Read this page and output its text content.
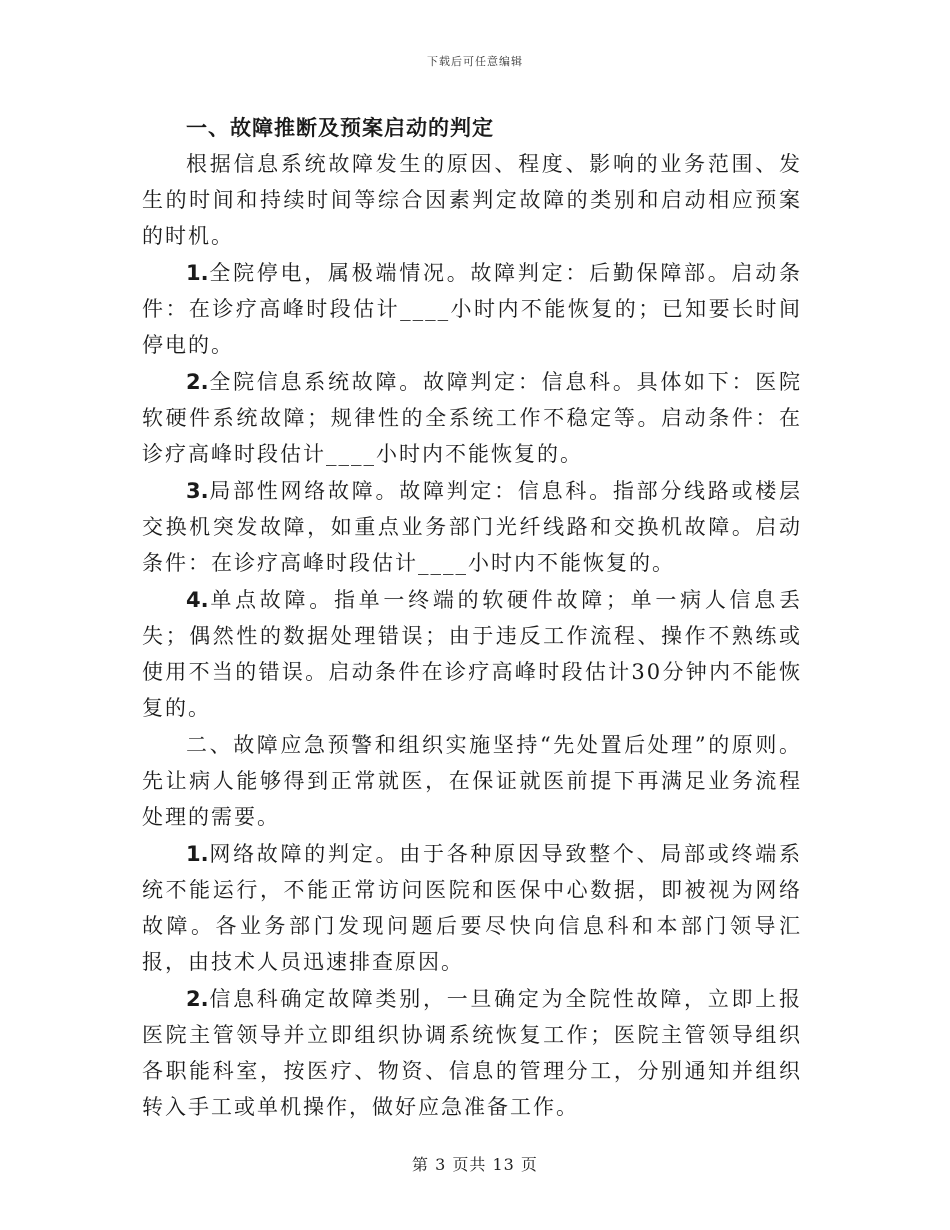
下载后可任意编辑
一、故障推断及预案启动的判定

根据信息系统故障发生的原因、程度、影响的业务范围、发生的时间和持续时间等综合因素判定故障的类别和启动相应预案的时机。

1.全院停电，属极端情况。故障判定：后勤保障部。启动条件：在诊疗高峰时段估计____小时内不能恢复的；已知要长时间停电的。

2.全院信息系统故障。故障判定：信息科。具体如下：医院软硬件系统故障；规律性的全系统工作不稳定等。启动条件：在诊疗高峰时段估计____小时内不能恢复的。

3.局部性网络故障。故障判定：信息科。指部分线路或楼层交换机突发故障，如重点业务部门光纤线路和交换机故障。启动条件：在诊疗高峰时段估计____小时内不能恢复的。

4.单点故障。指单一终端的软硬件故障；单一病人信息丢失；偶然性的数据处理错误；由于违反工作流程、操作不熟练或使用不当的错误。启动条件在诊疗高峰时段估计30分钟内不能恢复的。

二、故障应急预警和组织实施坚持“先处置后处理”的原则。先让病人能够得到正常就医，在保证就医前提下再满足业务流程处理的需要。

1.网络故障的判定。由于各种原因导致整个、局部或终端系统不能运行，不能正常访问医院和医保中心数据，即被视为网络故障。各业务部门发现问题后要尽快向信息科和本部门领导汇报，由技术人员迅速排查原因。

2.信息科确定故障类别，一旦确定为全院性故障，立即上报医院主管领导并立即组织协调系统恢复工作；医院主管领导组织各职能科室，按医疗、物资、信息的管理分工，分别通知并组织转入手工或单机操作，做好应急准备工作。

第 3 页共 13 页
